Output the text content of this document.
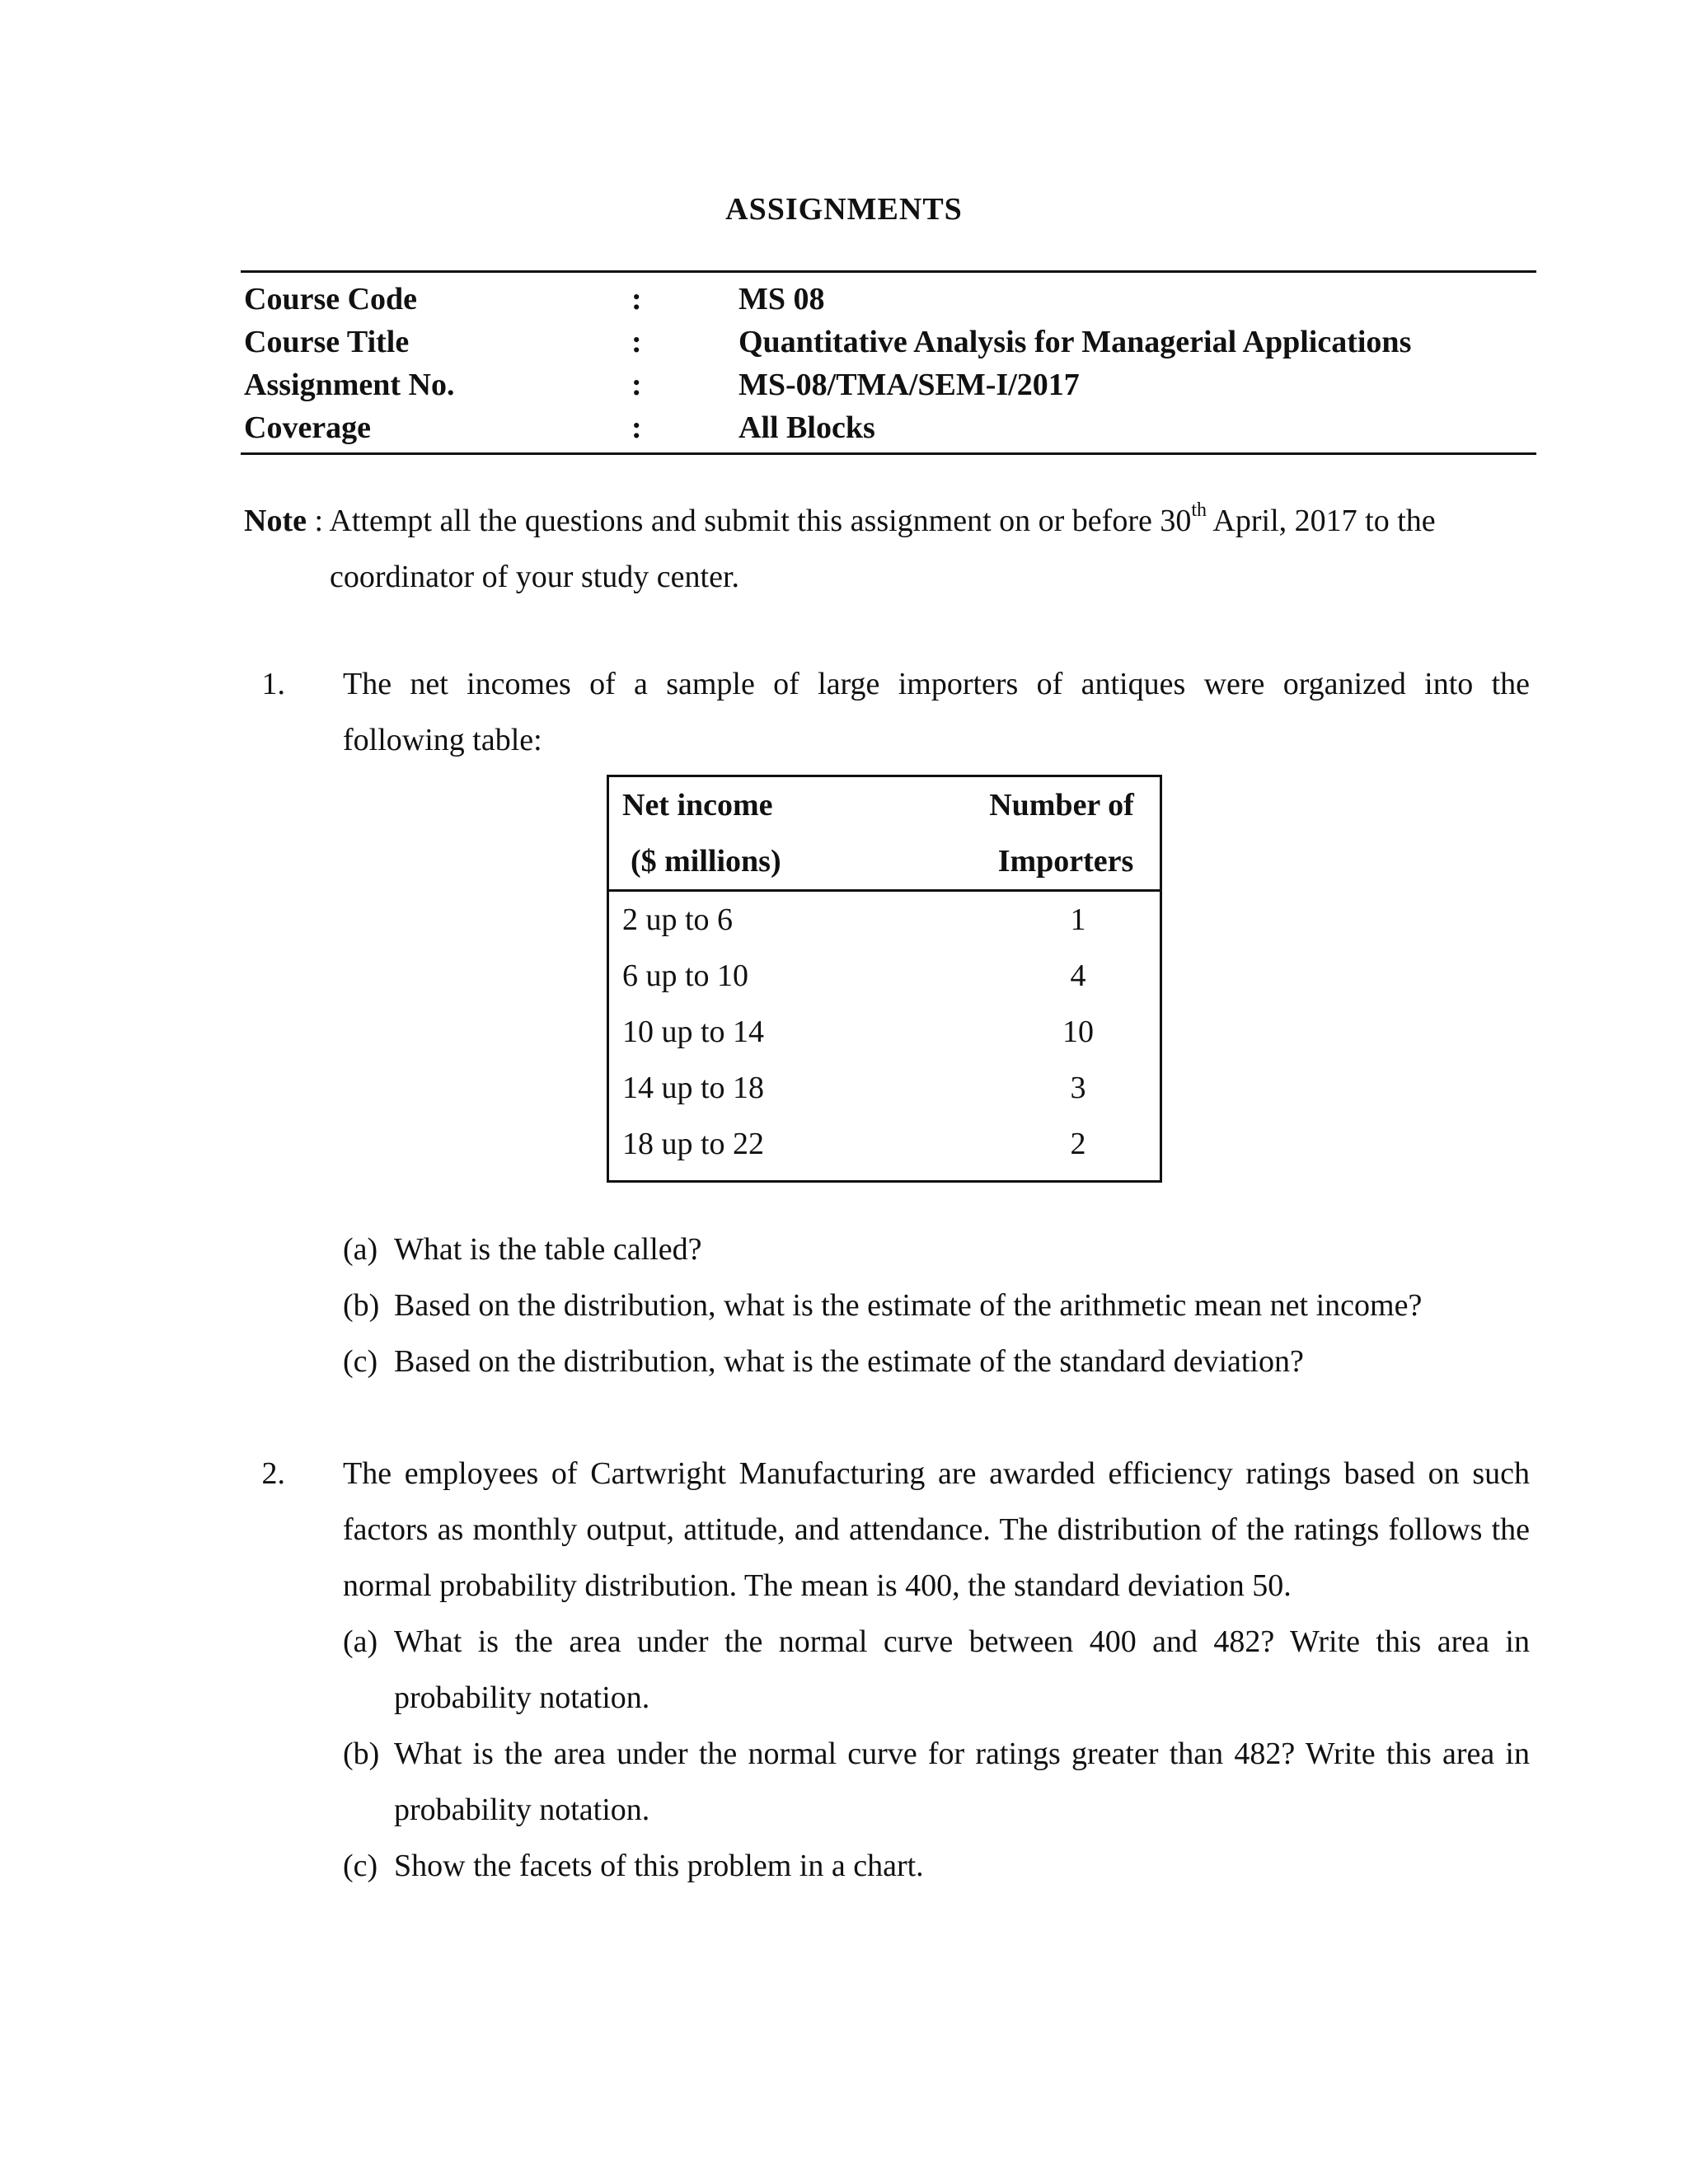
ASSIGNMENTS
Course Code	:	MS 08
Course Title	:	Quantitative Analysis for Managerial Applications
Assignment No.	:	MS-08/TMA/SEM-I/2017
Coverage	:	All Blocks
Note : Attempt all the questions and submit this assignment on or before 30th April, 2017 to the
coordinator of your study center.
1. The net incomes of a sample of large importers of antiques were organized into the
following table:
Net income	Number of
($ millions)	Importers
2 up to 6	1
6 up to 10	4
10 up to 14	10
14 up to 18	3
18 up to 22	2
(a) What is the table called?
(b) Based on the distribution, what is the estimate of the arithmetic mean net income?
(c) Based on the distribution, what is the estimate of the standard deviation?
2. The employees of Cartwright Manufacturing are awarded efficiency ratings based on such factors as monthly output, attitude, and attendance. The distribution of the ratings follows the normal probability distribution. The mean is 400, the standard deviation 50.
(a) What is the area under the normal curve between 400 and 482? Write this area in probability notation.
(b) What is the area under the normal curve for ratings greater than 482? Write this area in probability notation.
(c) Show the facets of this problem in a chart.
